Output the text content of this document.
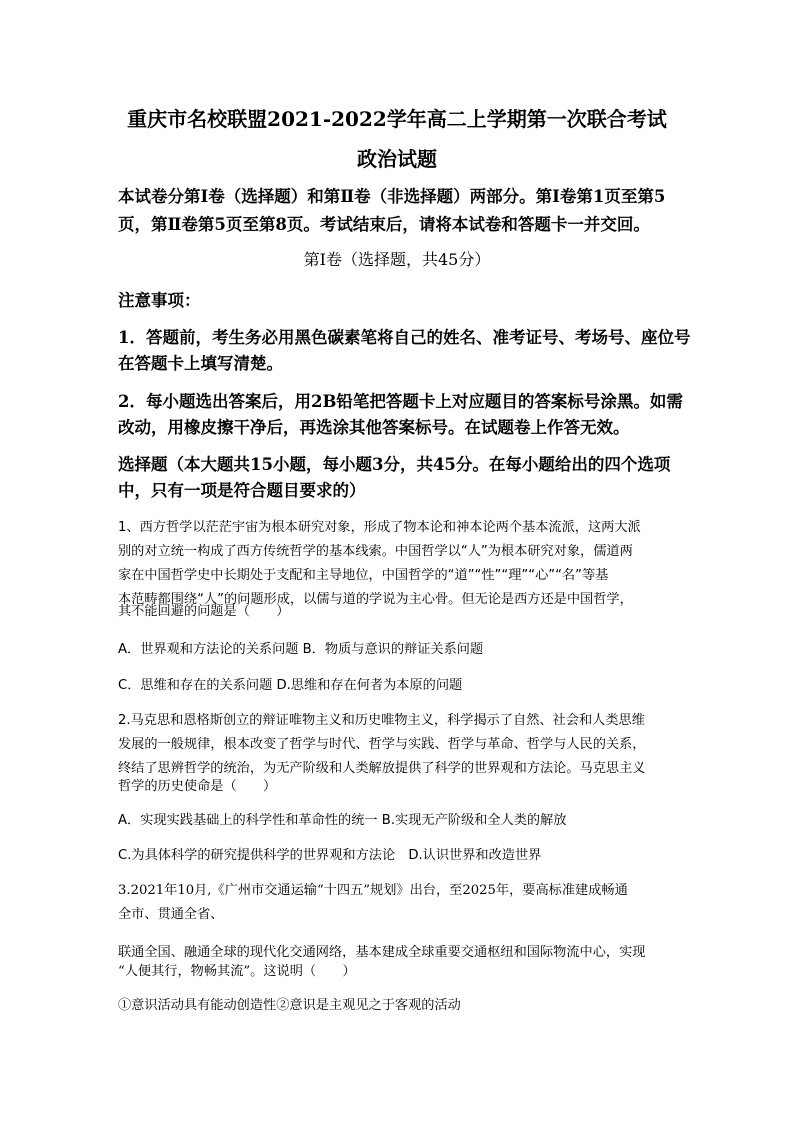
重庆市名校联盟2021-2022学年高二上学期第一次联合考试

政治试题

本试卷分第Ⅰ卷（选择题）和第Ⅱ卷（非选择题）两部分。第Ⅰ卷第1页至第5

页，第Ⅱ卷第5页至第8页。考试结束后，请将本试卷和答题卡一并交回。

第Ⅰ卷（选择题，共45分）

注意事项：

1．答题前，考生务必用黑色碳素笔将自己的姓名、准考证号、考场号、座位号

在答题卡上填写清楚。

2．每小题选出答案后，用2B铅笔把答题卡上对应题目的答案标号涂黑。如需

改动，用橡皮擦干净后，再选涂其他答案标号。在试题卷上作答无效。

选择题（本大题共15小题，每小题3分，共45分。在每小题给出的四个选项

中，只有一项是符合题目要求的）

1、西方哲学以茫茫宇宙为根本研究对象，形成了物本论和神本论两个基本流派，这两大派

别的对立统一构成了西方传统哲学的基本线索。中国哲学以“人”为根本研究对象，儒道两

家在中国哲学史中长期处于支配和主导地位，中国哲学的“道”“性”“理”“心”“名”等基

本范畴都围绕“人”的问题形成，以儒与道的学说为主心骨。但无论是西方还是中国哲学，

其不能回避的问题是（　　）

A．世界观和方法论的关系问题 B．物质与意识的辩证关系问题

C．思维和存在的关系问题 D.思维和存在何者为本原的问题

2.马克思和恩格斯创立的辩证唯物主义和历史唯物主义，科学揭示了自然、社会和人类思维

发展的一般规律，根本改变了哲学与时代、哲学与实践、哲学与革命、哲学与人民的关系，

终结了思辨哲学的统治，为无产阶级和人类解放提供了科学的世界观和方法论。马克思主义

哲学的历史使命是（　　）

A．实现实践基础上的科学性和革命性的统一 B.实现无产阶级和全人类的解放

C.为具体科学的研究提供科学的世界观和方法论　D.认识世界和改造世界

3.2021年10月,《广州市交通运输“十四五”规划》出台，至2025年，要高标准建成畅通

全市、贯通全省、

联通全国、融通全球的现代化交通网络，基本建成全球重要交通枢纽和国际物流中心，实现

“人便其行，物畅其流”。这说明（　　）

①意识活动具有能动创造性②意识是主观见之于客观的活动
